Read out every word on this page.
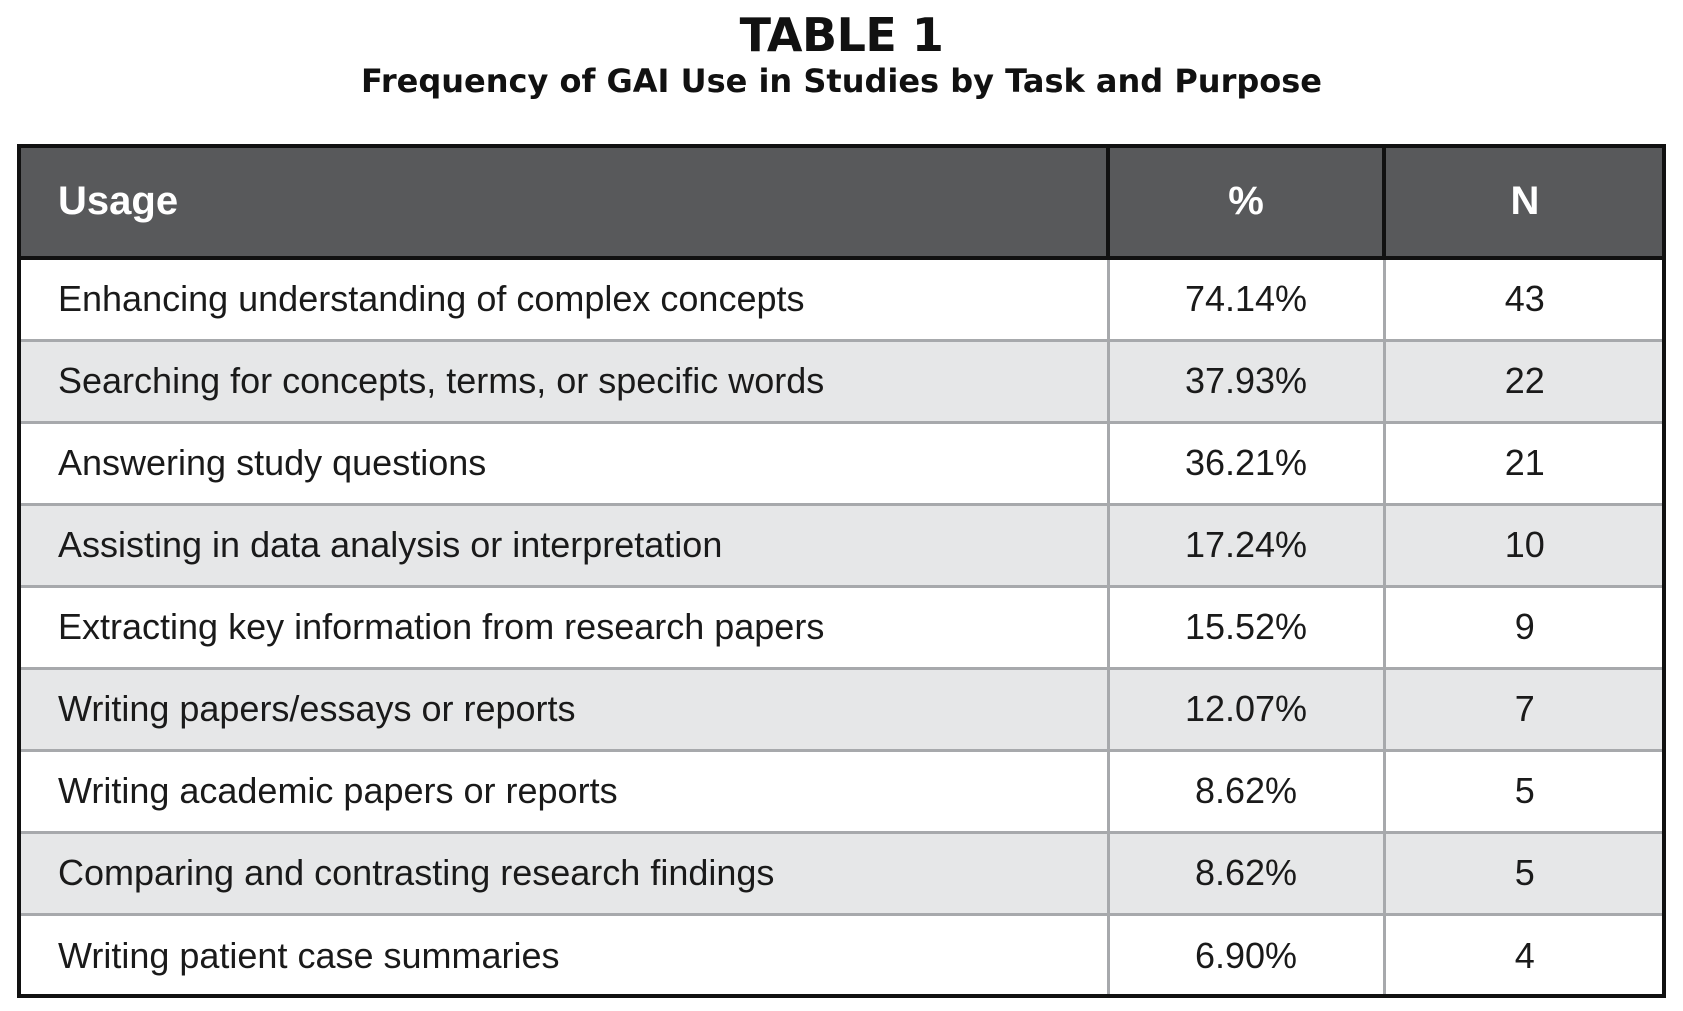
TABLE 1
Frequency of GAI Use in Studies by Task and Purpose
Usage	%	N
Enhancing understanding of complex concepts	74.14%	43
Searching for concepts, terms, or specific words	37.93%	22
Answering study questions	36.21%	21
Assisting in data analysis or interpretation	17.24%	10
Extracting key information from research papers	15.52%	9
Writing papers/essays or reports	12.07%	7
Writing academic papers or reports	8.62%	5
Comparing and contrasting research findings	8.62%	5
Writing patient case summaries	6.90%	4
